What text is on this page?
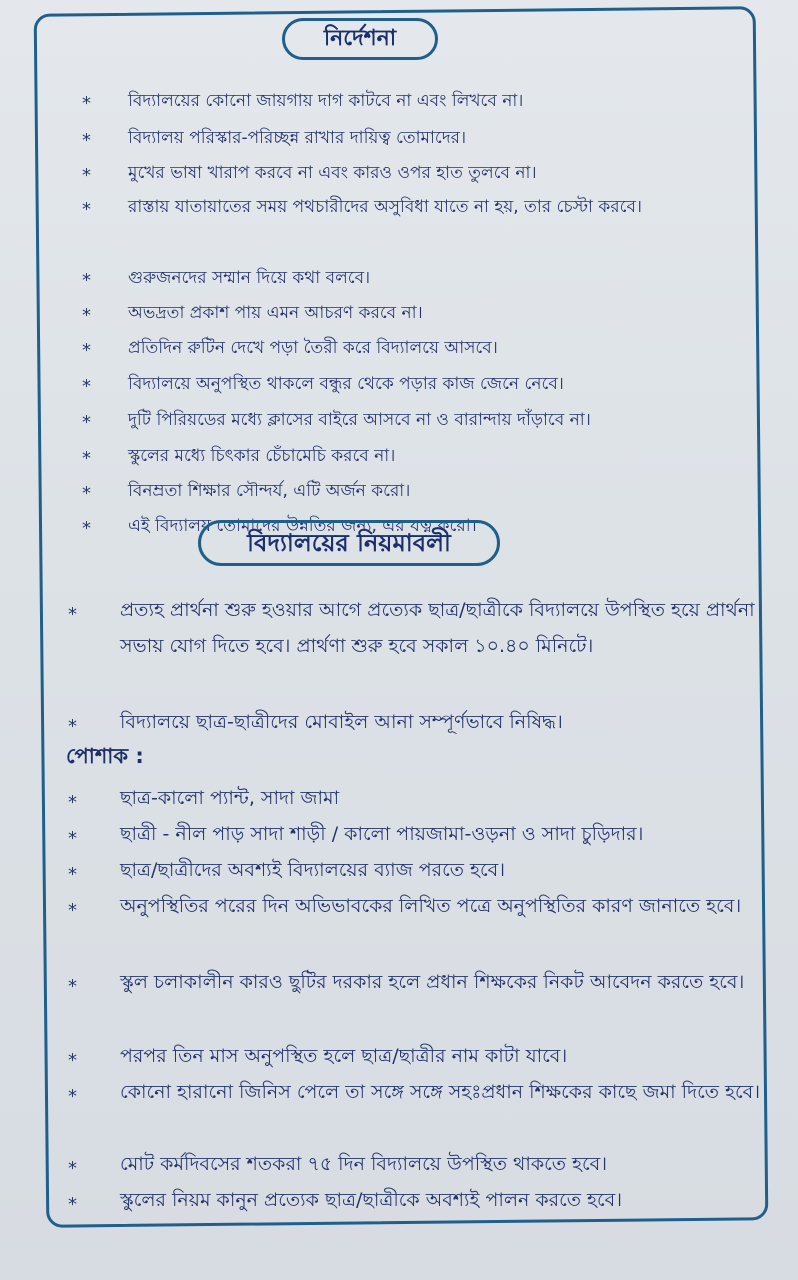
নির্দেশনা
* বিদ্যালয়ের কোনো জায়গায় দাগ কাটবে না এবং লিখবে না।
* বিদ্যালয় পরিস্কার-পরিচ্ছন্ন রাখার দায়িত্ব তোমাদের।
* মুখের ভাষা খারাপ করবে না এবং কারও ওপর হাত তুলবে না।
* রাস্তায় যাতায়াতের সময় পথচারীদের অসুবিধা যাতে না হয়, তার চেস্টা করবে।
* গুরুজনদের সম্মান দিয়ে কথা বলবে।
* অভদ্রতা প্রকাশ পায় এমন আচরণ করবে না।
* প্রতিদিন রুটিন দেখে পড়া তৈরী করে বিদ্যালয়ে আসবে।
* বিদ্যালয়ে অনুপস্থিত থাকলে বন্ধুর থেকে পড়ার কাজ জেনে নেবে।
* দুটি পিরিয়ডের মধ্যে ক্লাসের বাইরে আসবে না ও বারান্দায় দাঁড়াবে না।
* স্কুলের মধ্যে চিৎকার চেঁচামেচি করবে না।
* বিনম্রতা শিক্ষার সৌন্দর্য, এটি অর্জন করো।
* এই বিদ্যালয় তোমাদের উন্নতির জন্য, এর যত্ন করো।
বিদ্যালয়ের নিয়মাবলী
* প্রত্যহ প্রার্থনা শুরু হওয়ার আগে প্রত্যেক ছাত্র/ছাত্রীকে বিদ্যালয়ে উপস্থিত হয়ে প্রার্থনা সভায় যোগ দিতে হবে। প্রার্থণা শুরু হবে সকাল ১০.৪০ মিনিটে।
* বিদ্যালয়ে ছাত্র-ছাত্রীদের মোবাইল আনা সম্পূর্ণভাবে নিষিদ্ধ।
পোশাক :
* ছাত্র-কালো প্যান্ট, সাদা জামা
* ছাত্রী - নীল পাড় সাদা শাড়ী / কালো পায়জামা-ওড়না ও সাদা চুড়িদার।
* ছাত্র/ছাত্রীদের অবশ্যই বিদ্যালয়ের ব্যাজ পরতে হবে।
* অনুপস্থিতির পরের দিন অভিভাবকের লিখিত পত্রে অনুপস্থিতির কারণ জানাতে হবে।
* স্কুল চলাকালীন কারও ছুটির দরকার হলে প্রধান শিক্ষকের নিকট আবেদন করতে হবে।
* পরপর তিন মাস অনুপস্থিত হলে ছাত্র/ছাত্রীর নাম কাটা যাবে।
* কোনো হারানো জিনিস পেলে তা সঙ্গে সঙ্গে সহঃপ্রধান শিক্ষকের কাছে জমা দিতে হবে।
* মোট কর্মদিবসের শতকরা ৭৫ দিন বিদ্যালয়ে উপস্থিত থাকতে হবে।
* স্কুলের নিয়ম কানুন প্রত্যেক ছাত্র/ছাত্রীকে অবশ্যই পালন করতে হবে।
